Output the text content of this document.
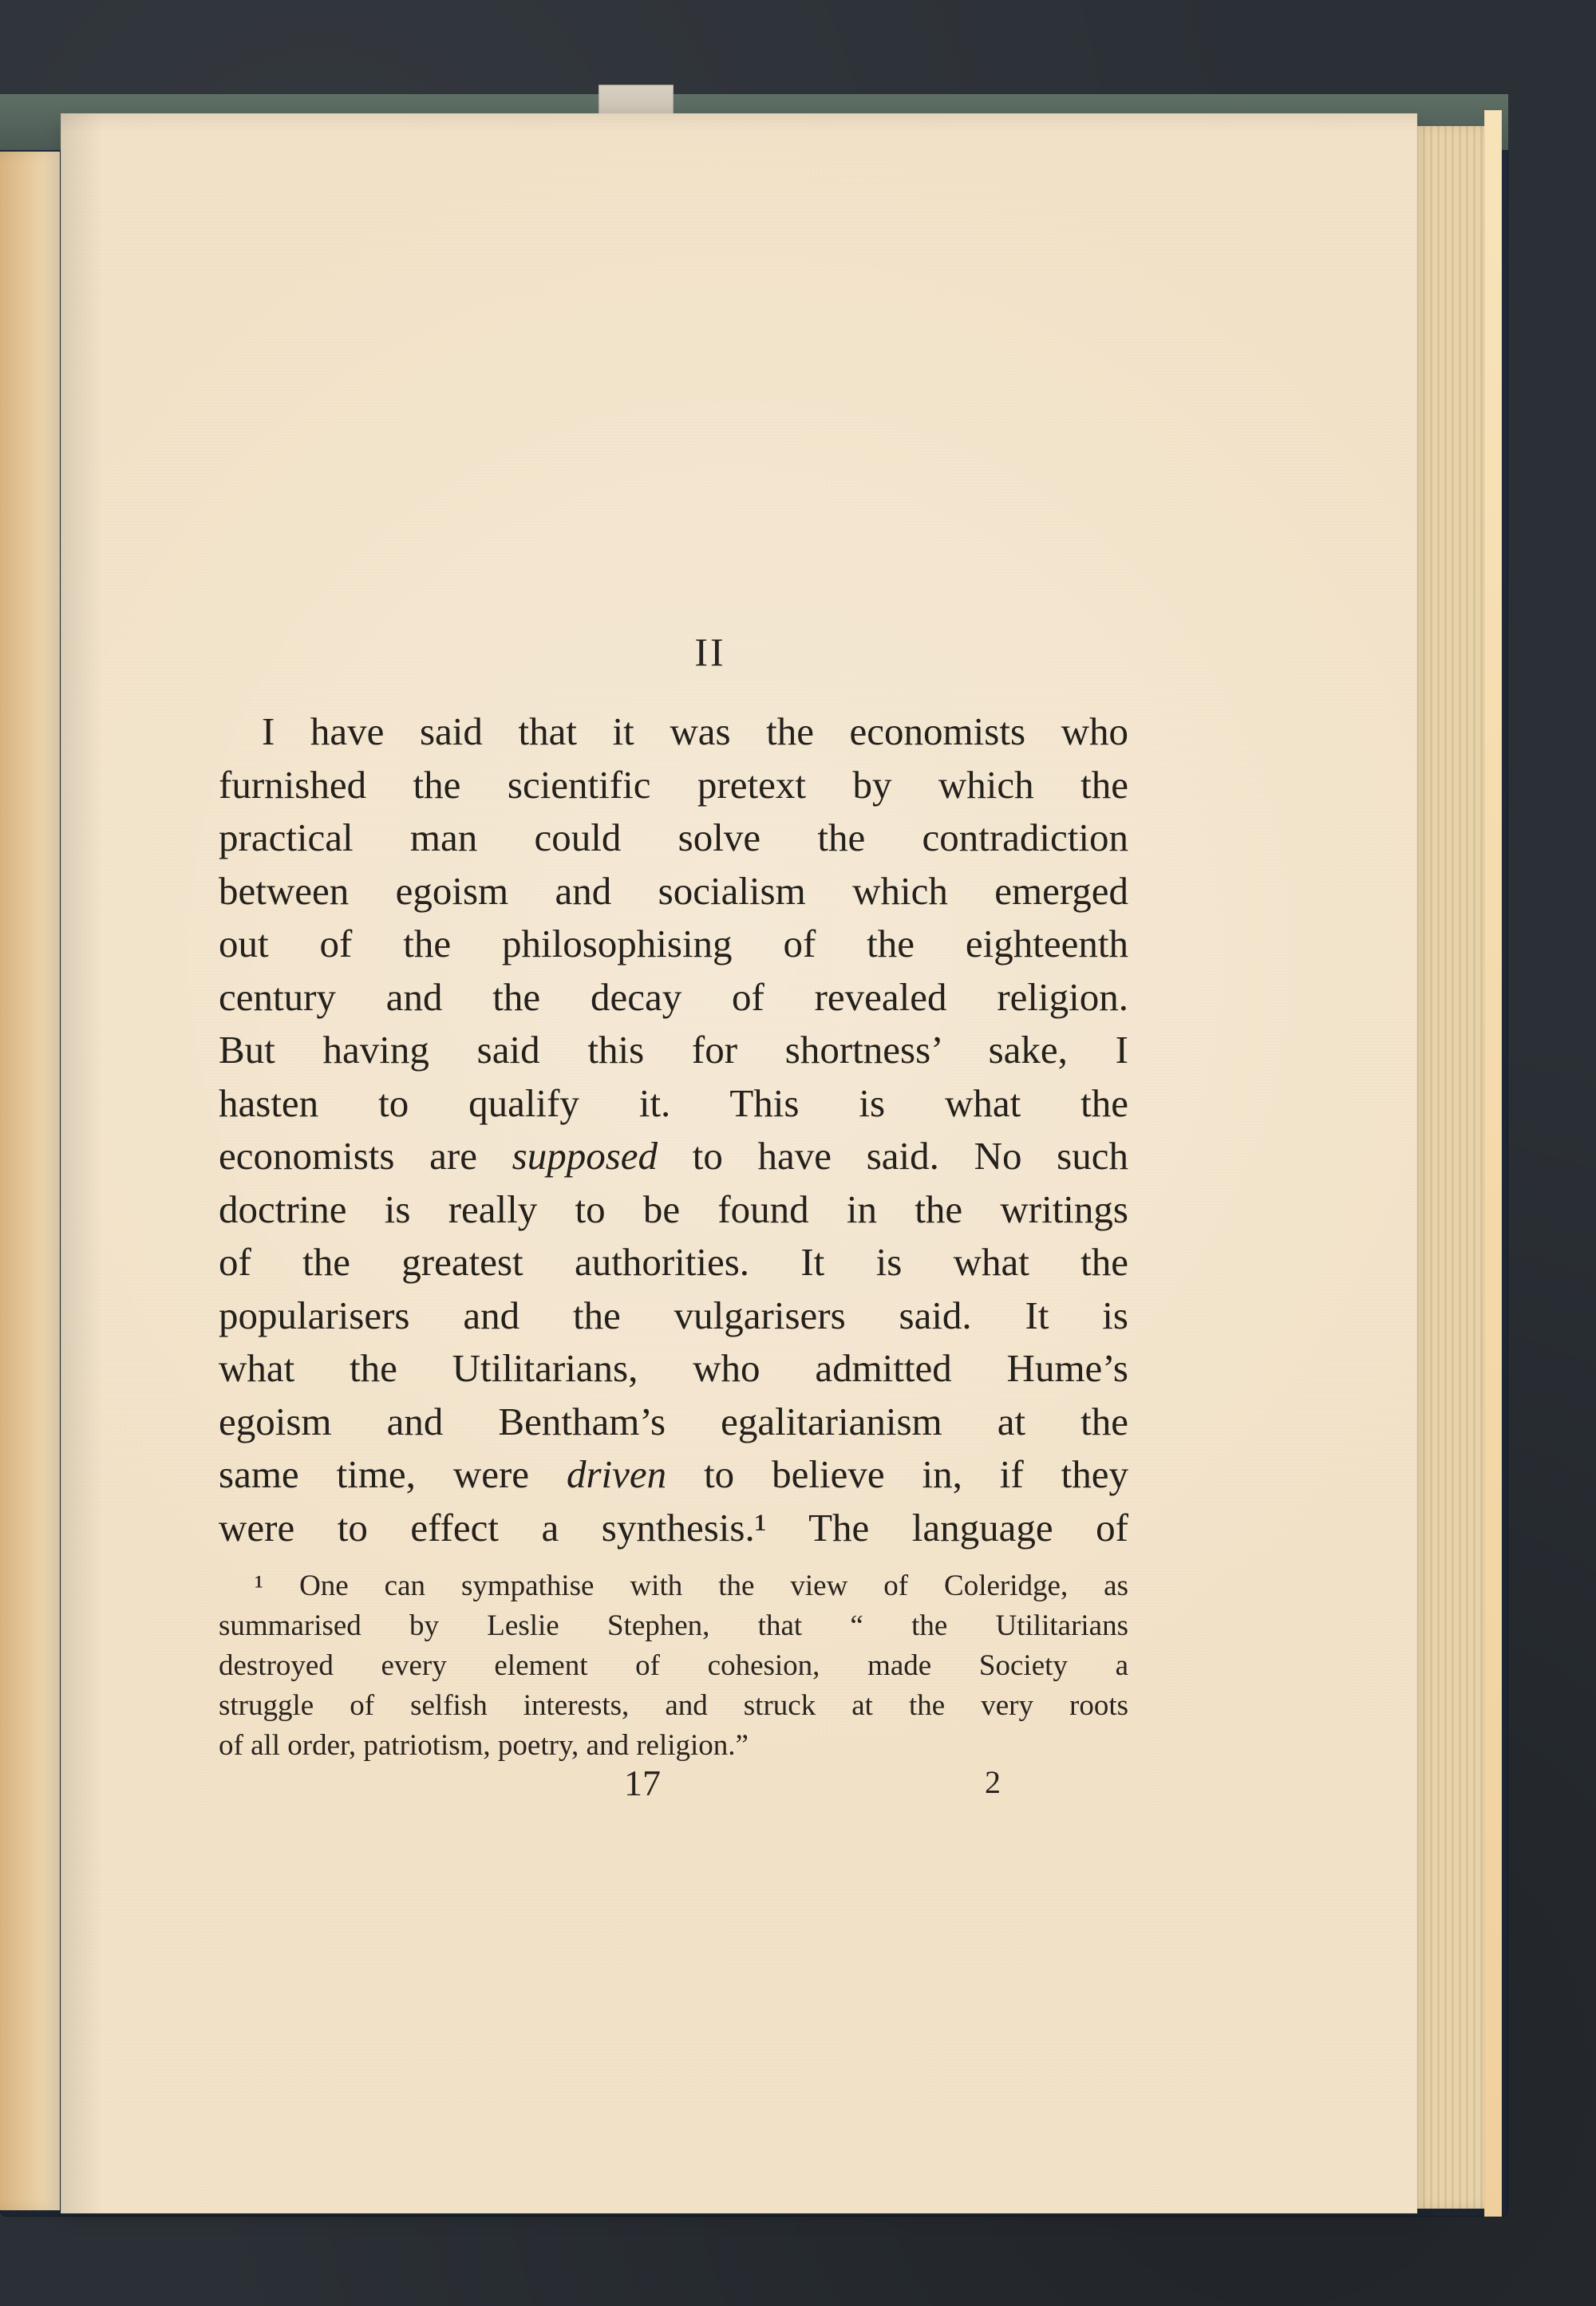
II
I have said that it was the economists who
furnished the scientific pretext by which the
practical man could solve the contradiction
between egoism and socialism which emerged
out of the philosophising of the eighteenth
century and the decay of revealed religion.
But having said this for shortness’ sake, I
hasten to qualify it. This is what the
economists are supposed to have said. No such
doctrine is really to be found in the writings
of the greatest authorities. It is what the
popularisers and the vulgarisers said. It is
what the Utilitarians, who admitted Hume’s
egoism and Bentham’s egalitarianism at the
same time, were driven to believe in, if they
were to effect a synthesis.¹ The language of
¹ One can sympathise with the view of Coleridge, as
summarised by Leslie Stephen, that “ the Utilitarians
destroyed every element of cohesion, made Society a
struggle of selfish interests, and struck at the very roots
of all order, patriotism, poetry, and religion.”
17	2
